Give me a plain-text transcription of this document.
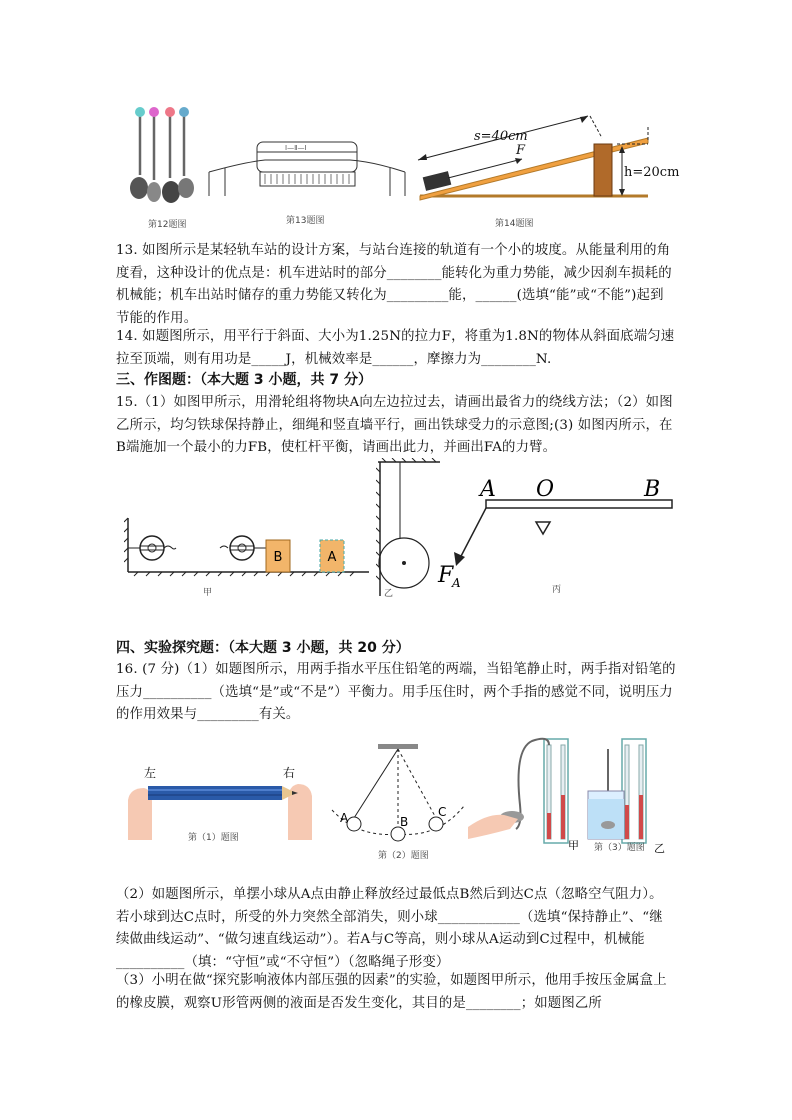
第12题图
Ⅰ—Ⅱ—Ⅰ
第13题图
s=40cm
F
h=20cm
第14题图
13. 如图所示是某轻轨车站的设计方案，与站台连接的轨道有一个小的坡度。从能量利用的角度看，这种设计的优点是：机车进站时的部分________能转化为重力势能，减少因刹车损耗的机械能；机车出站时储存的重力势能又转化为_________能，______(选填“能”或“不能”)起到节能的作用。
14. 如题图所示，用平行于斜面、大小为1.25N的拉力F，将重为1.8N的物体从斜面底端匀速拉至顶端，则有用功是_____J，机械效率是______，摩擦力为________N.
三、作图题：（本大题 3 小题，共 7 分）
15.（1）如图甲所示，用滑轮组将物块A向左边拉过去，请画出最省力的绕线方法；（2）如图乙所示，均匀铁球保持静止，细绳和竖直墙平行，画出铁球受力的示意图;(3) 如图丙所示，在B端施加一个最小的力FB，使杠杆平衡，请画出此力，并画出FA的力臂。
B	A
甲	乙
A O	B
F
A	丙
四、实验探究题：（本大题 3 小题，共 20 分）
16. (7 分)（1）如题图所示，用两手指水平压住铅笔的两端，当铅笔静止时，两手指对铅笔的压力__________（选填“是”或“不是”）平衡力。用手压住时，两个手指的感觉不同，说明压力的作用效果与_________有关。
左	右
第（1）题图
A	B
C
第（2）题图
甲 第（3）题图 乙
（2）如题图所示，单摆小球从A点由静止释放经过最低点B然后到达C点（忽略空气阻力）。若小球到达C点时，所受的外力突然全部消失，则小球____________（选填“保持静止”、“继续做曲线运动”、“做匀速直线运动”）。若A与C等高，则小球从A运动到C过程中，机械能__________（填：“守恒”或“不守恒”）（忽略绳子形变）
（3）小明在做“探究影响液体内部压强的因素”的实验，如题图甲所示，他用手按压金属盒上的橡皮膜，观察U形管两侧的液面是否发生变化，其目的是________；如题图乙所
